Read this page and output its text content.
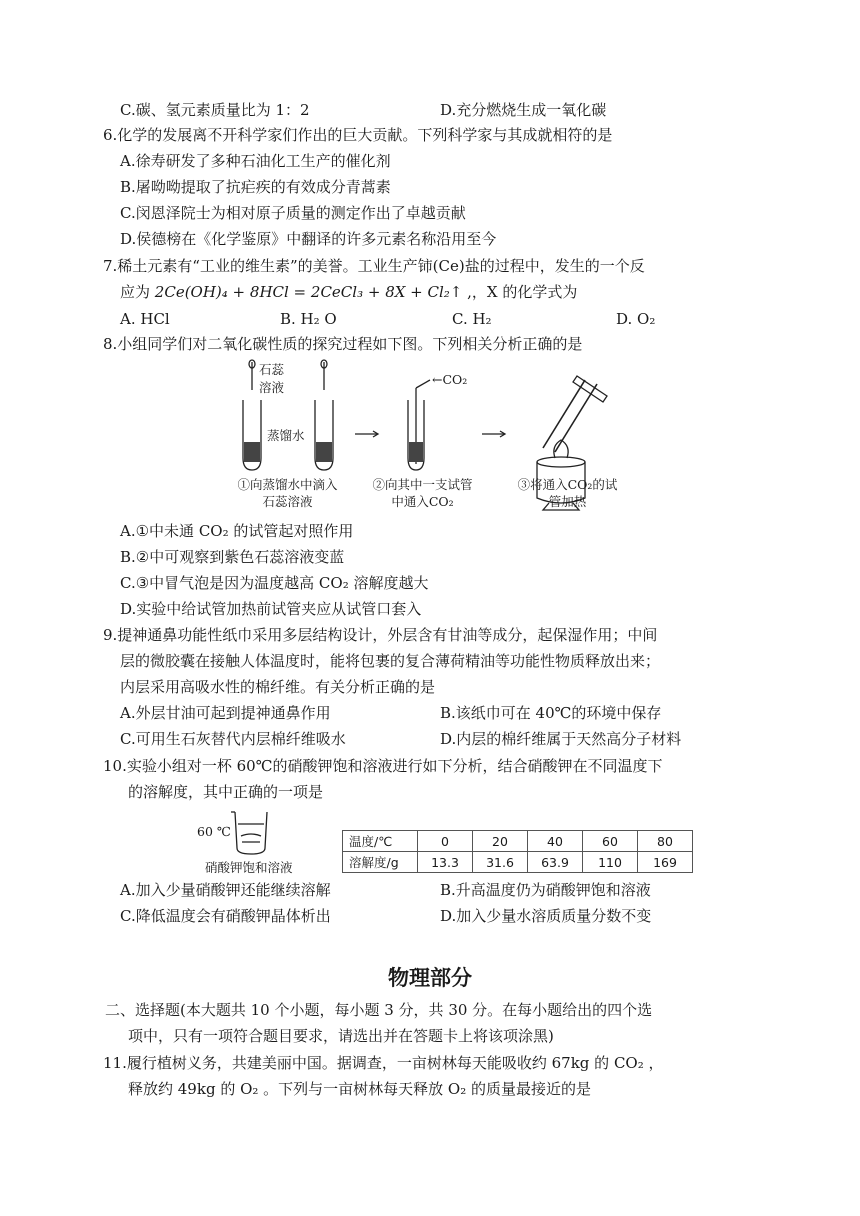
C.碳、氢元素质量比为 1：2	D.充分燃烧生成一氧化碳
6.化学的发展离不开科学家们作出的巨大贡献。下列科学家与其成就相符的是
A.徐寿研发了多种石油化工生产的催化剂
B.屠呦呦提取了抗疟疾的有效成分青蒿素
C.闵恩泽院士为相对原子质量的测定作出了卓越贡献
D.侯德榜在《化学鉴原》中翻译的许多元素名称沿用至今
7.稀土元素有“工业的维生素”的美誉。工业生产铈(Ce)盐的过程中，发生的一个反
应为 2Ce(OH)₄ + 8HCl = 2CeCl₃ + 8X + Cl₂↑ ,，X 的化学式为
A. HCl	B. H₂ O	C. H₂	D. O₂
8.小组同学们对二氧化碳性质的探究过程如下图。下列相关分析正确的是
石蕊
溶液
蒸馏水
←CO₂
①向蒸馏水中滴入
石蕊溶液
②向其中一支试管
中通入CO₂
③将通入CO₂的试
管加热
A.①中未通 CO₂ 的试管起对照作用
B.②中可观察到紫色石蕊溶液变蓝
C.③中冒气泡是因为温度越高 CO₂ 溶解度越大
D.实验中给试管加热前试管夹应从试管口套入
9.提神通鼻功能性纸巾采用多层结构设计，外层含有甘油等成分，起保湿作用；中间
层的微胶囊在接触人体温度时，能将包裹的复合薄荷精油等功能性物质释放出来；
内层采用高吸水性的棉纤维。有关分析正确的是
A.外层甘油可起到提神通鼻作用	B.该纸巾可在 40℃的环境中保存
C.可用生石灰替代内层棉纤维吸水	D.内层的棉纤维属于天然高分子材料
10.实验小组对一杯 60℃的硝酸钾饱和溶液进行如下分析，结合硝酸钾在不同温度下
的溶解度，其中正确的一项是
60 ℃
硝酸钾饱和溶液
温度/℃	0	20	40	60	80
溶解度/g	13.3	31.6	63.9	110	169
A.加入少量硝酸钾还能继续溶解	B.升高温度仍为硝酸钾饱和溶液
C.降低温度会有硝酸钾晶体析出	D.加入少量水溶质质量分数不变
物理部分
二、选择题(本大题共 10 个小题，每小题 3 分，共 30 分。在每小题给出的四个选
项中，只有一项符合题目要求，请选出并在答题卡上将该项涂黑)
11.履行植树义务，共建美丽中国。据调查，一亩树林每天能吸收约 67kg 的 CO₂ ，
释放约 49kg 的 O₂ 。下列与一亩树林每天释放 O₂ 的质量最接近的是
